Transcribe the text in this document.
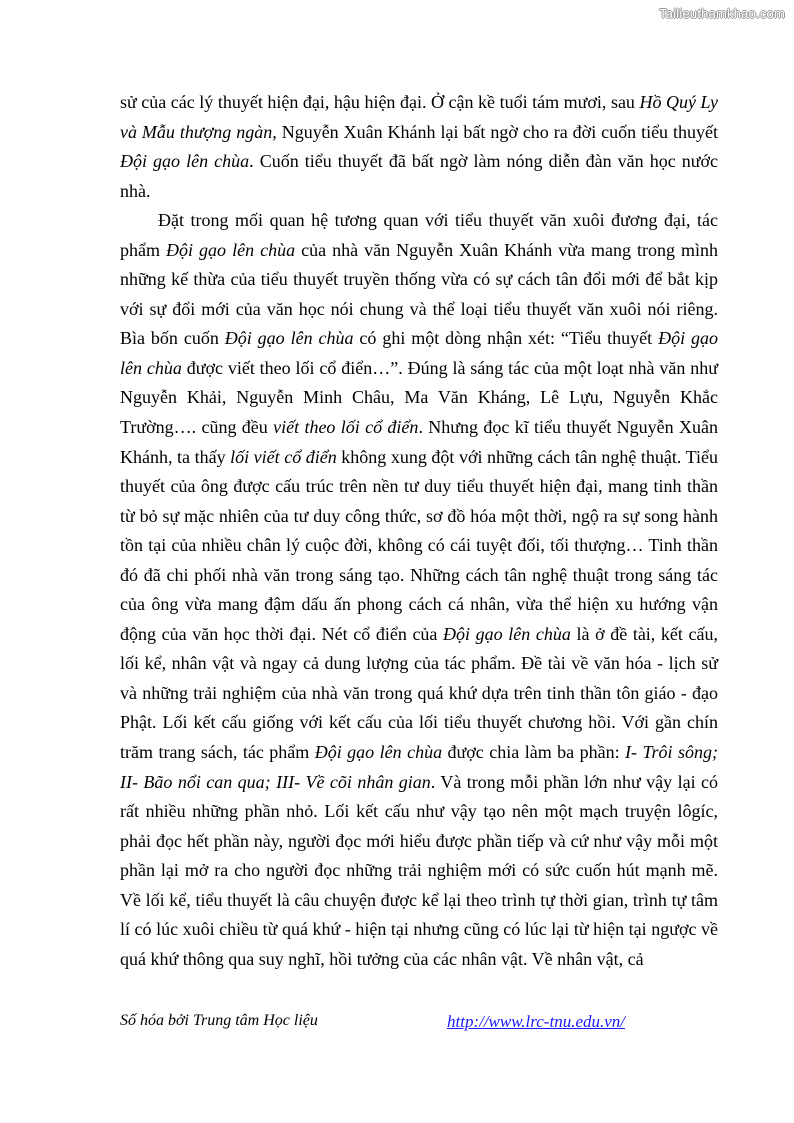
Tailieuthamkhao.com

sử của các lý thuyết hiện đại, hậu hiện đại. Ở cận kề tuổi tám mươi, sau Hồ Quý Ly và Mẫu thượng ngàn, Nguyễn Xuân Khánh lại bất ngờ cho ra đời cuốn tiểu thuyết Đội gạo lên chùa. Cuốn tiểu thuyết đã bất ngờ làm nóng diễn đàn văn học nước nhà.

Đặt trong mối quan hệ tương quan với tiểu thuyết văn xuôi đương đại, tác phẩm Đội gạo lên chùa của nhà văn Nguyễn Xuân Khánh vừa mang trong mình những kế thừa của tiểu thuyết truyền thống vừa có sự cách tân đổi mới để bắt kịp với sự đổi mới của văn học nói chung và thể loại tiểu thuyết văn xuôi nói riêng. Bìa bốn cuốn Đội gạo lên chùa có ghi một dòng nhận xét: “Tiểu thuyết Đội gạo lên chùa được viết theo lối cổ điển…”. Đúng là sáng tác của một loạt nhà văn như Nguyễn Khải, Nguyễn Minh Châu, Ma Văn Kháng, Lê Lựu, Nguyễn Khắc Trường…. cũng đều viết theo lối cổ điển. Nhưng đọc kĩ tiểu thuyết Nguyễn Xuân Khánh, ta thấy lối viết cổ điển không xung đột với những cách tân nghệ thuật. Tiểu thuyết của ông được cấu trúc trên nền tư duy tiểu thuyết hiện đại, mang tinh thần từ bỏ sự mặc nhiên của tư duy công thức, sơ đồ hóa một thời, ngộ ra sự song hành tồn tại của nhiều chân lý cuộc đời, không có cái tuyệt đối, tối thượng… Tinh thần đó đã chi phối nhà văn trong sáng tạo. Những cách tân nghệ thuật trong sáng tác của ông vừa mang đậm dấu ấn phong cách cá nhân, vừa thể hiện xu hướng vận động của văn học thời đại. Nét cổ điển của Đội gạo lên chùa là ở đề tài, kết cấu, lối kể, nhân vật và ngay cả dung lượng của tác phẩm. Đề tài về văn hóa - lịch sử và những trải nghiệm của nhà văn trong quá khứ dựa trên tinh thần tôn giáo - đạo Phật. Lối kết cấu giống với kết cấu của lối tiểu thuyết chương hồi. Với gần chín trăm trang sách, tác phẩm Đội gạo lên chùa được chia làm ba phần: I- Trôi sông; II- Bão nổi can qua; III- Về cõi nhân gian. Và trong mỗi phần lớn như vậy lại có rất nhiều những phần nhỏ. Lối kết cấu như vậy tạo nên một mạch truyện lôgíc, phải đọc hết phần này, người đọc mới hiểu được phần tiếp và cứ như vậy mỗi một phần lại mở ra cho người đọc những trải nghiệm mới có sức cuốn hút mạnh mẽ. Về lối kể, tiểu thuyết là câu chuyện được kể lại theo trình tự thời gian, trình tự tâm lí có lúc xuôi chiều từ quá khứ - hiện tại nhưng cũng có lúc lại từ hiện tại ngược về quá khứ thông qua suy nghĩ, hồi tưởng của các nhân vật. Về nhân vật, cả

Số hóa bởi Trung tâm Học liệu	http://www.lrc-tnu.edu.vn/
